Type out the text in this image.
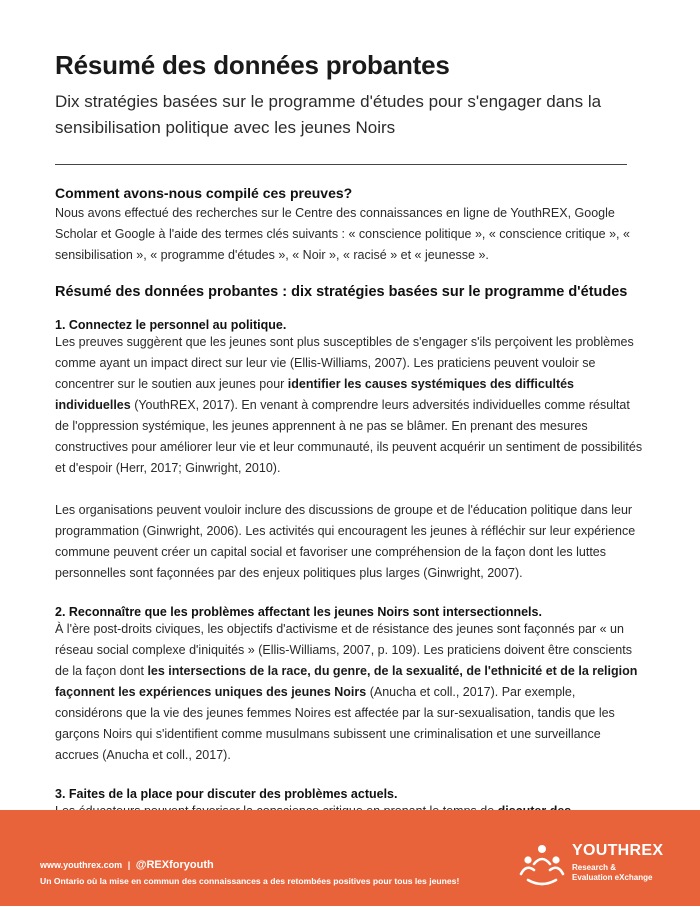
Résumé des données probantes
Dix stratégies basées sur le programme d'études pour s'engager dans la sensibilisation politique avec les jeunes Noirs
Comment avons-nous compilé ces preuves?

Nous avons effectué des recherches sur le Centre des connaissances en ligne de YouthREX, Google Scholar et Google à l'aide des termes clés suivants : « conscience politique », « conscience critique », « sensibilisation », « programme d'études », « Noir », « racisé » et « jeunesse ».

Résumé des données probantes : dix stratégies basées sur le programme d'études
1. Connectez le personnel au politique.

Les preuves suggèrent que les jeunes sont plus susceptibles de s'engager s'ils perçoivent les problèmes comme ayant un impact direct sur leur vie (Ellis-Williams, 2007). Les praticiens peuvent vouloir se concentrer sur le soutien aux jeunes pour identifier les causes systémiques des difficultés individuelles (YouthREX, 2017). En venant à comprendre leurs adversités individuelles comme résultat de l'oppression systémique, les jeunes apprennent à ne pas se blâmer. En prenant des mesures constructives pour améliorer leur vie et leur communauté, ils peuvent acquérir un sentiment de possibilités et d'espoir (Herr, 2017; Ginwright, 2010).

Les organisations peuvent vouloir inclure des discussions de groupe et de l'éducation politique dans leur programmation (Ginwright, 2006). Les activités qui encouragent les jeunes à réfléchir sur leur expérience commune peuvent créer un capital social et favoriser une compréhension de la façon dont les luttes personnelles sont façonnées par des enjeux politiques plus larges (Ginwright, 2007).

2. Reconnaître que les problèmes affectant les jeunes Noirs sont intersectionnels.

À l'ère post-droits civiques, les objectifs d'activisme et de résistance des jeunes sont façonnés par « un réseau social complexe d'iniquités » (Ellis-Williams, 2007, p. 109). Les praticiens doivent être conscients de la façon dont les intersections de la race, du genre, de la sexualité, de l'ethnicité et de la religion façonnent les expériences uniques des jeunes Noirs (Anucha et coll., 2017). Par exemple, considérons que la vie des jeunes femmes Noires est affectée par la sur-sexualisation, tandis que les garçons Noirs qui s'identifient comme musulmans subissent une criminalisation et une surveillance accrues (Anucha et coll., 2017).

3. Faites de la place pour discuter des problèmes actuels.

www.youthrex.com | @REXforyouth
Un Ontario où la mise en commun des connaissances a des retombées positives pour tous les jeunes!
YOUTHREX
Research &
Evaluation eXchange
